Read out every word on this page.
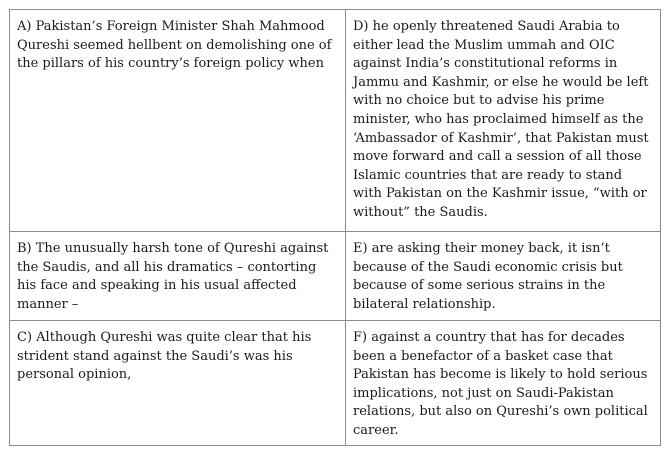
A) Pakistan’s Foreign Minister Shah Mahmood Qureshi seemed hellbent on demolishing one of the pillars of his country’s foreign policy when	D) he openly threatened Saudi Arabia to either lead the Muslim ummah and OIC against India’s constitutional reforms in Jammu and Kashmir, or else he would be left with no choice but to advise his prime minister, who has proclaimed himself as the ‘Ambassador of Kashmir’, that Pakistan must move forward and call a session of all those Islamic countries that are ready to stand with Pakistan on the Kashmir issue, “with or without” the Saudis.

B) The unusually harsh tone of Qureshi against the Saudis, and all his dramatics – contorting his face and speaking in his usual affected manner –	E) are asking their money back, it isn’t because of the Saudi economic crisis but because of some serious strains in the bilateral relationship.

C) Although Qureshi was quite clear that his strident stand against the Saudi’s was his personal opinion,	F) against a country that has for decades been a benefactor of a basket case that Pakistan has become is likely to hold serious implications, not just on Saudi-Pakistan relations, but also on Qureshi’s own political career.
